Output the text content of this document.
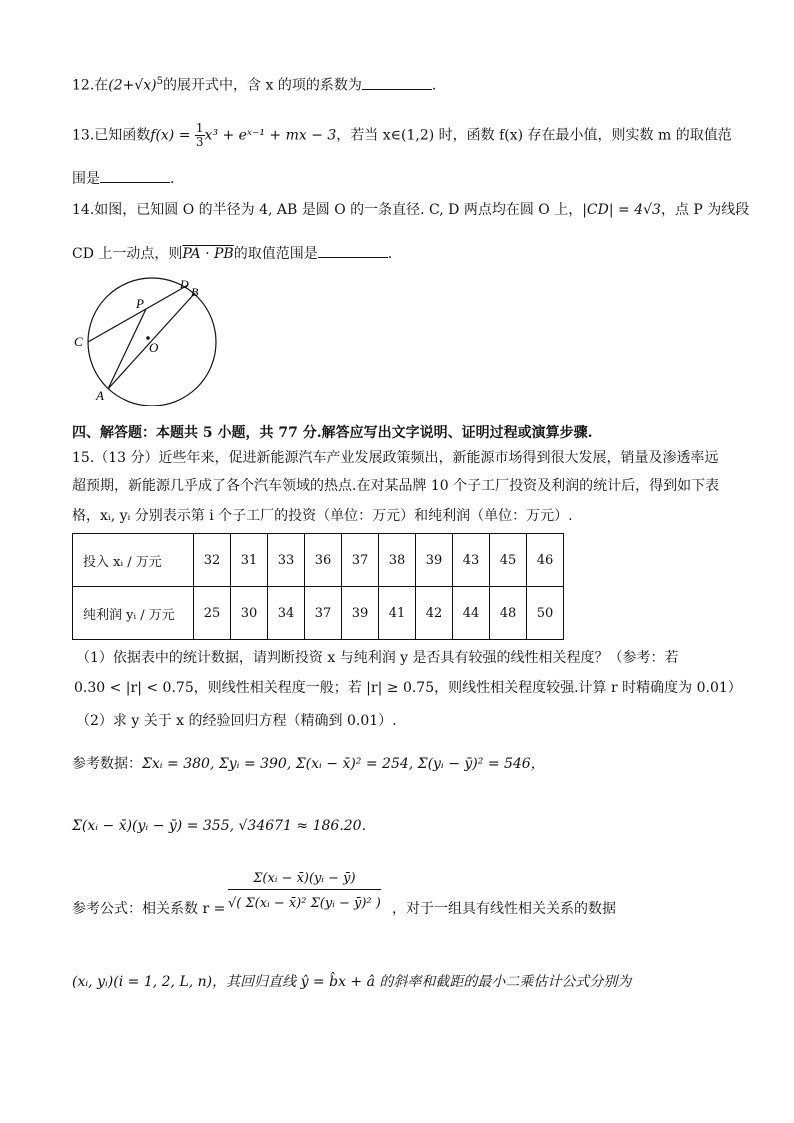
12.在$(2+√x)^5$的展开式中，含 x 的项的系数为	.
13.已知函数$f(x) = \frac{1}{3} x^3$ + eˣ⁻¹ + mx − 3，若当 x∈(1,2) 时，函数 f(x) 存在最小值，则实数 m 的取值范
围是	.
14.如图，已知圆 O 的半径为 4, AB 是圆 O 的一条直径. C, D 两点均在圆 O 上，|CD| = 4√3，点 P 为线段
CD 上一动点，则PA · PB的取值范围是	.
C
P
D
B
O
A
四、解答题：本题共 5 小题，共 77 分.解答应写出文字说明、证明过程或演算步骤.
15.（13 分）近些年来，促进新能源汽车产业发展政策频出，新能源市场得到很大发展，销量及渗透率远
超预期，新能源几乎成了各个汽车领域的热点.在对某品牌 10 个子工厂投资及利润的统计后，得到如下表
格，xᵢ, yᵢ 分别表示第 i 个子工厂的投资（单位：万元）和纯利润（单位：万元）.
投入 xᵢ / 万元	32	31	33	36	37	38	39	43	45	46
纯利润 yᵢ / 万元	25	30	34	37	39	41	42	44	48	50
（1）依据表中的统计数据，请判断投资 x 与纯利润 y 是否具有较强的线性相关程度？（参考：若
0.30 < |r| < 0.75，则线性相关程度一般；若 |r| ≥ 0.75，则线性相关程度较强.计算 r 时精确度为 0.01）
（2）求 y 关于 x 的经验回归方程（精确到 0.01）.
参考数据：Σxᵢ = 380, Σyᵢ = 390, Σ(xᵢ − x̄)² = 254, Σ(yᵢ − ȳ)² = 546，
Σ(xᵢ − x̄)(yᵢ − ȳ) = 355, √34671 ≈ 186.20.
参考公式：相关系数 $r = \frac{\text{Σ(xᵢ − x̄)(yᵢ − ȳ)}}{\text{√( Σ(xᵢ − x̄)² Σ(yᵢ − ȳ)² )}}$ ，对于一组具有线性相关关系的数据
(xᵢ, yᵢ)(i = 1, 2, L, n)，其回归直线 ŷ = b̂x + â 的斜率和截距的最小二乘估计公式分别为
